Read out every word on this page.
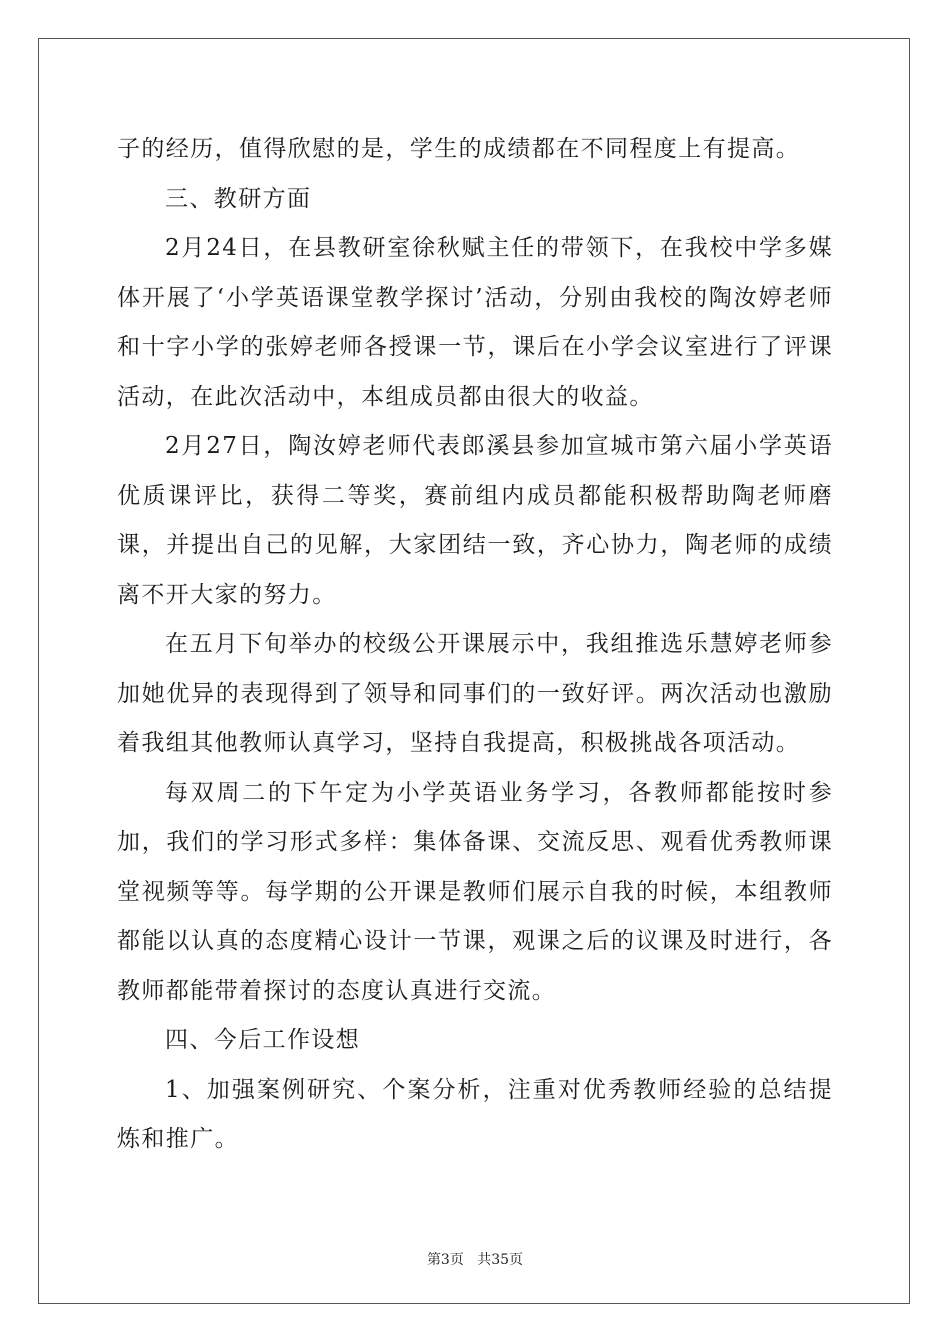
子的经历，值得欣慰的是，学生的成绩都在不同程度上有提高。

三、教研方面

2月24日，在县教研室徐秋赋主任的带领下，在我校中学多媒体开展了‘小学英语课堂教学探讨’活动，分别由我校的陶汝婷老师和十字小学的张婷老师各授课一节，课后在小学会议室进行了评课活动，在此次活动中，本组成员都由很大的收益。

2月27日，陶汝婷老师代表郎溪县参加宣城市第六届小学英语优质课评比，获得二等奖，赛前组内成员都能积极帮助陶老师磨课，并提出自己的见解，大家团结一致，齐心协力，陶老师的成绩离不开大家的努力。

在五月下旬举办的校级公开课展示中，我组推选乐慧婷老师参加她优异的表现得到了领导和同事们的一致好评。两次活动也激励着我组其他教师认真学习，坚持自我提高，积极挑战各项活动。

每双周二的下午定为小学英语业务学习，各教师都能按时参加，我们的学习形式多样：集体备课、交流反思、观看优秀教师课堂视频等等。每学期的公开课是教师们展示自我的时候，本组教师都能以认真的态度精心设计一节课，观课之后的议课及时进行，各教师都能带着探讨的态度认真进行交流。

四、今后工作设想

1、加强案例研究、个案分析，注重对优秀教师经验的总结提炼和推广。

第3页 共35页
